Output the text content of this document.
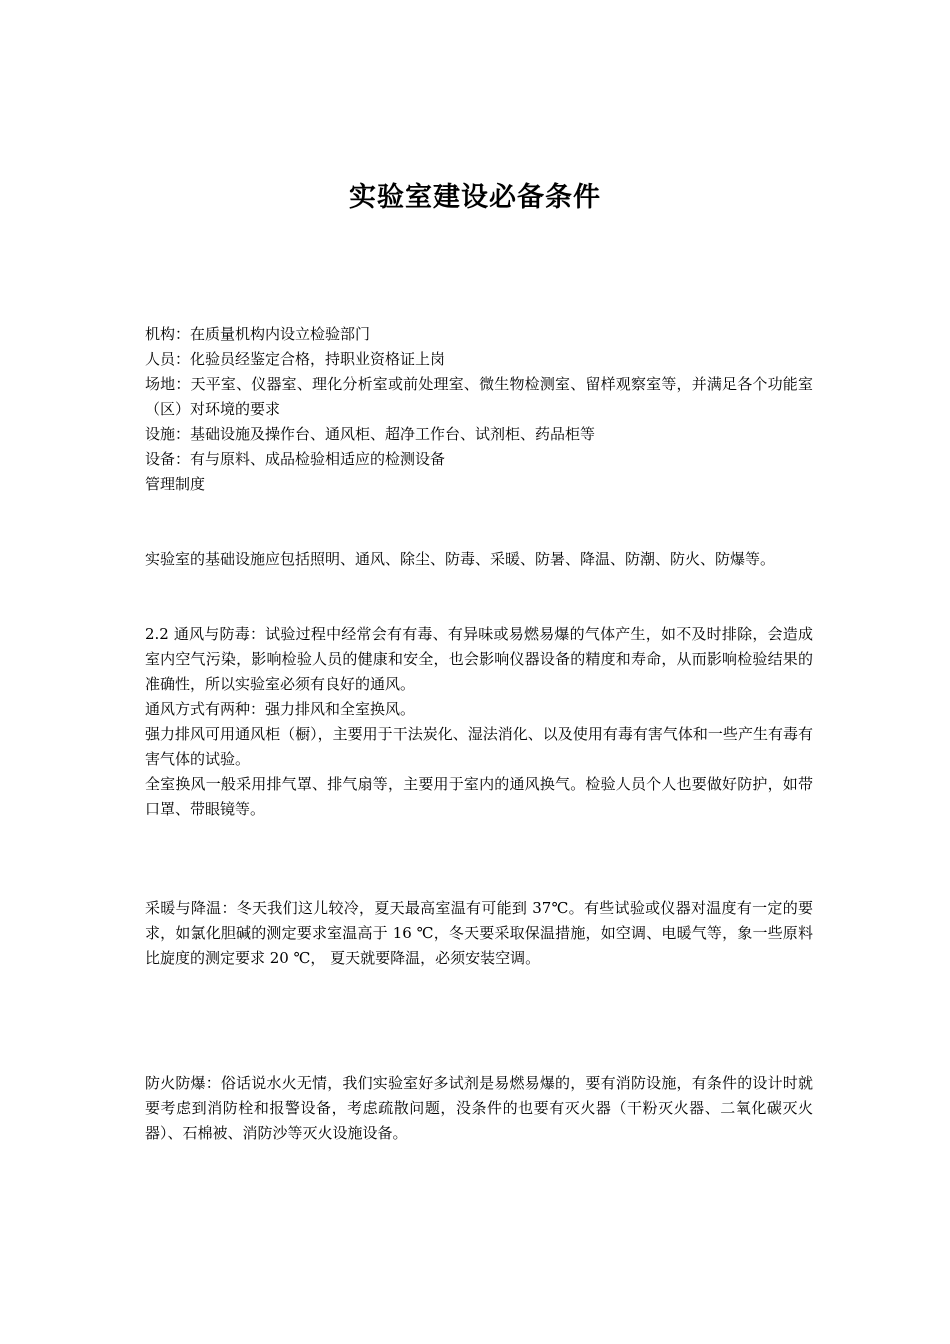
实验室建设必备条件
机构：在质量机构内设立检验部门
人员：化验员经鉴定合格，持职业资格证上岗
场地：天平室、仪器室、理化分析室或前处理室、微生物检测室、留样观察室等，并满足各个功能室（区）对环境的要求
设施：基础设施及操作台、通风柜、超净工作台、试剂柜、药品柜等
设备：有与原料、成品检验相适应的检测设备
管理制度
实验室的基础设施应包括照明、通风、除尘、防毒、采暖、防暑、降温、防潮、防火、防爆等。
2.2 通风与防毒：试验过程中经常会有有毒、有异味或易燃易爆的气体产生，如不及时排除，会造成室内空气污染，影响检验人员的健康和安全，也会影响仪器设备的精度和寿命，从而影响检验结果的准确性，所以实验室必须有良好的通风。
通风方式有两种：强力排风和全室换风。
强力排风可用通风柜（橱），主要用于干法炭化、湿法消化、以及使用有毒有害气体和一些产生有毒有害气体的试验。
全室换风一般采用排气罩、排气扇等，主要用于室内的通风换气。检验人员个人也要做好防护，如带口罩、带眼镜等。
采暖与降温：冬天我们这儿较冷，夏天最高室温有可能到 37℃。有些试验或仪器对温度有一定的要求，如氯化胆碱的测定要求室温高于 16 ℃，冬天要采取保温措施，如空调、电暖气等，象一些原料比旋度的测定要求 20 ℃， 夏天就要降温，必须安装空调。
防火防爆：俗话说水火无情，我们实验室好多试剂是易燃易爆的，要有消防设施，有条件的设计时就要考虑到消防栓和报警设备，考虑疏散问题，没条件的也要有灭火器（干粉灭火器、二氧化碳灭火器）、石棉被、消防沙等灭火设施设备。
